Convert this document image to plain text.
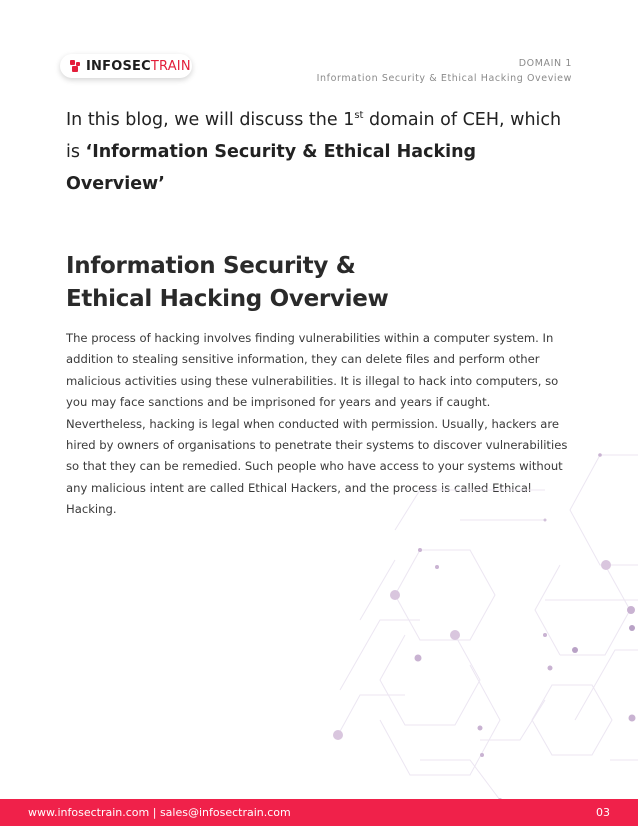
INFOSECTRAIN	DOMAIN 1
Information Security & Ethical Hacking Oveview
In this blog, we will discuss the 1st domain of CEH, which is ‘Information Security & Ethical Hacking Overview’
Information Security &
Ethical Hacking Overview
The process of hacking involves finding vulnerabilities within a computer system. In addition to stealing sensitive information, they can delete files and perform other malicious activities using these vulnerabilities. It is illegal to hack into computers, so you may face sanctions and be imprisoned for years and years if caught. Nevertheless, hacking is legal when conducted with permission. Usually, hackers are hired by owners of organisations to penetrate their systems to discover vulnerabilities so that they can be remedied. Such people who have access to your systems without any malicious intent are called Ethical Hackers, and the process is called Ethical Hacking.
www.infosectrain.com | sales@infosectrain.com	03
